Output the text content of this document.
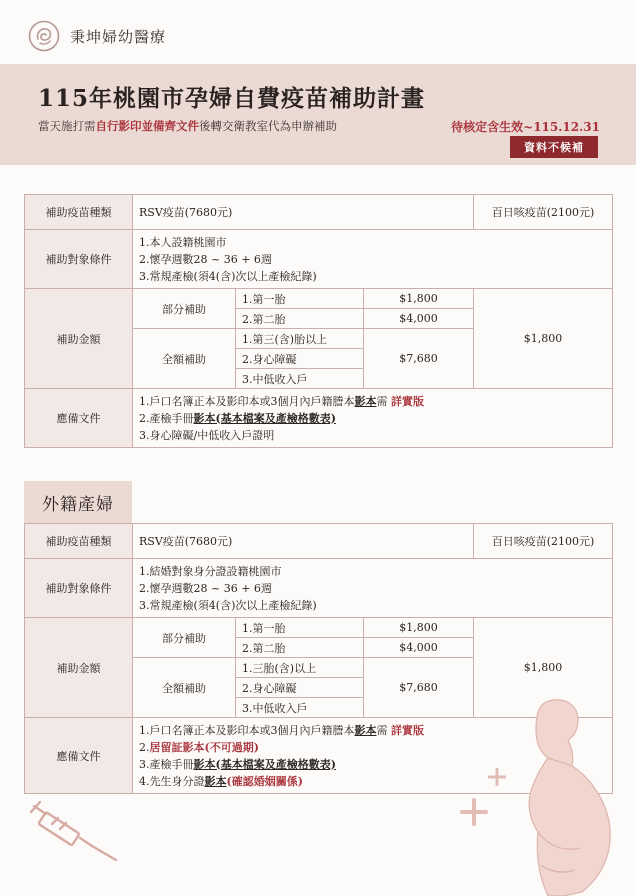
秉坤婦幼醫療
115年桃園市孕婦自費疫苗補助計畫
當天施打需自行影印並備齊文件後轉交衛教室代為申辦補助	待核定含生效~115.12.31
資料不候補
補助疫苗種類	RSV疫苗(7680元)			百日咳疫苗(2100元)
補助對象條件	1.本人設籍桃園市
2.懷孕週數28 ~ 36 + 6週
3.常規產檢(須4(含)次以上產檢紀錄)			

補助金額	部分補助	1.第一胎	$1,800	$1,800
		2.第二胎	$4,000	
	全額補助	1.第三(含)胎以上	$7,680	
		2.身心障礙		
		3.中低收入戶		
應備文件	1.戶口名簿正本及影印本或3個月內戶籍謄本影本需 詳實版
2.產檢手冊影本(基本檔案及產檢格數表)
3.身心障礙/中低收入戶證明			
外籍產婦
補助疫苗種類	RSV疫苗(7680元)			百日咳疫苗(2100元)
補助對象條件	1.結婚對象身分證設籍桃園市
2.懷孕週數28 ~ 36 + 6週
3.常規產檢(須4(含)次以上產檢紀錄)			

補助金額	部分補助	1.第一胎	$1,800	$1,800
		2.第二胎	$4,000	
	全額補助	1.三胎(含)以上	$7,680	
		2.身心障礙		
		3.中低收入戶		
應備文件	1.戶口名簿正本及影印本或3個月內戶籍謄本影本需 詳實版
2.居留証影本(不可過期)
3.產檢手冊影本(基本檔案及產檢格數表)
4.先生身分證影本(確認婚姻關係)			
